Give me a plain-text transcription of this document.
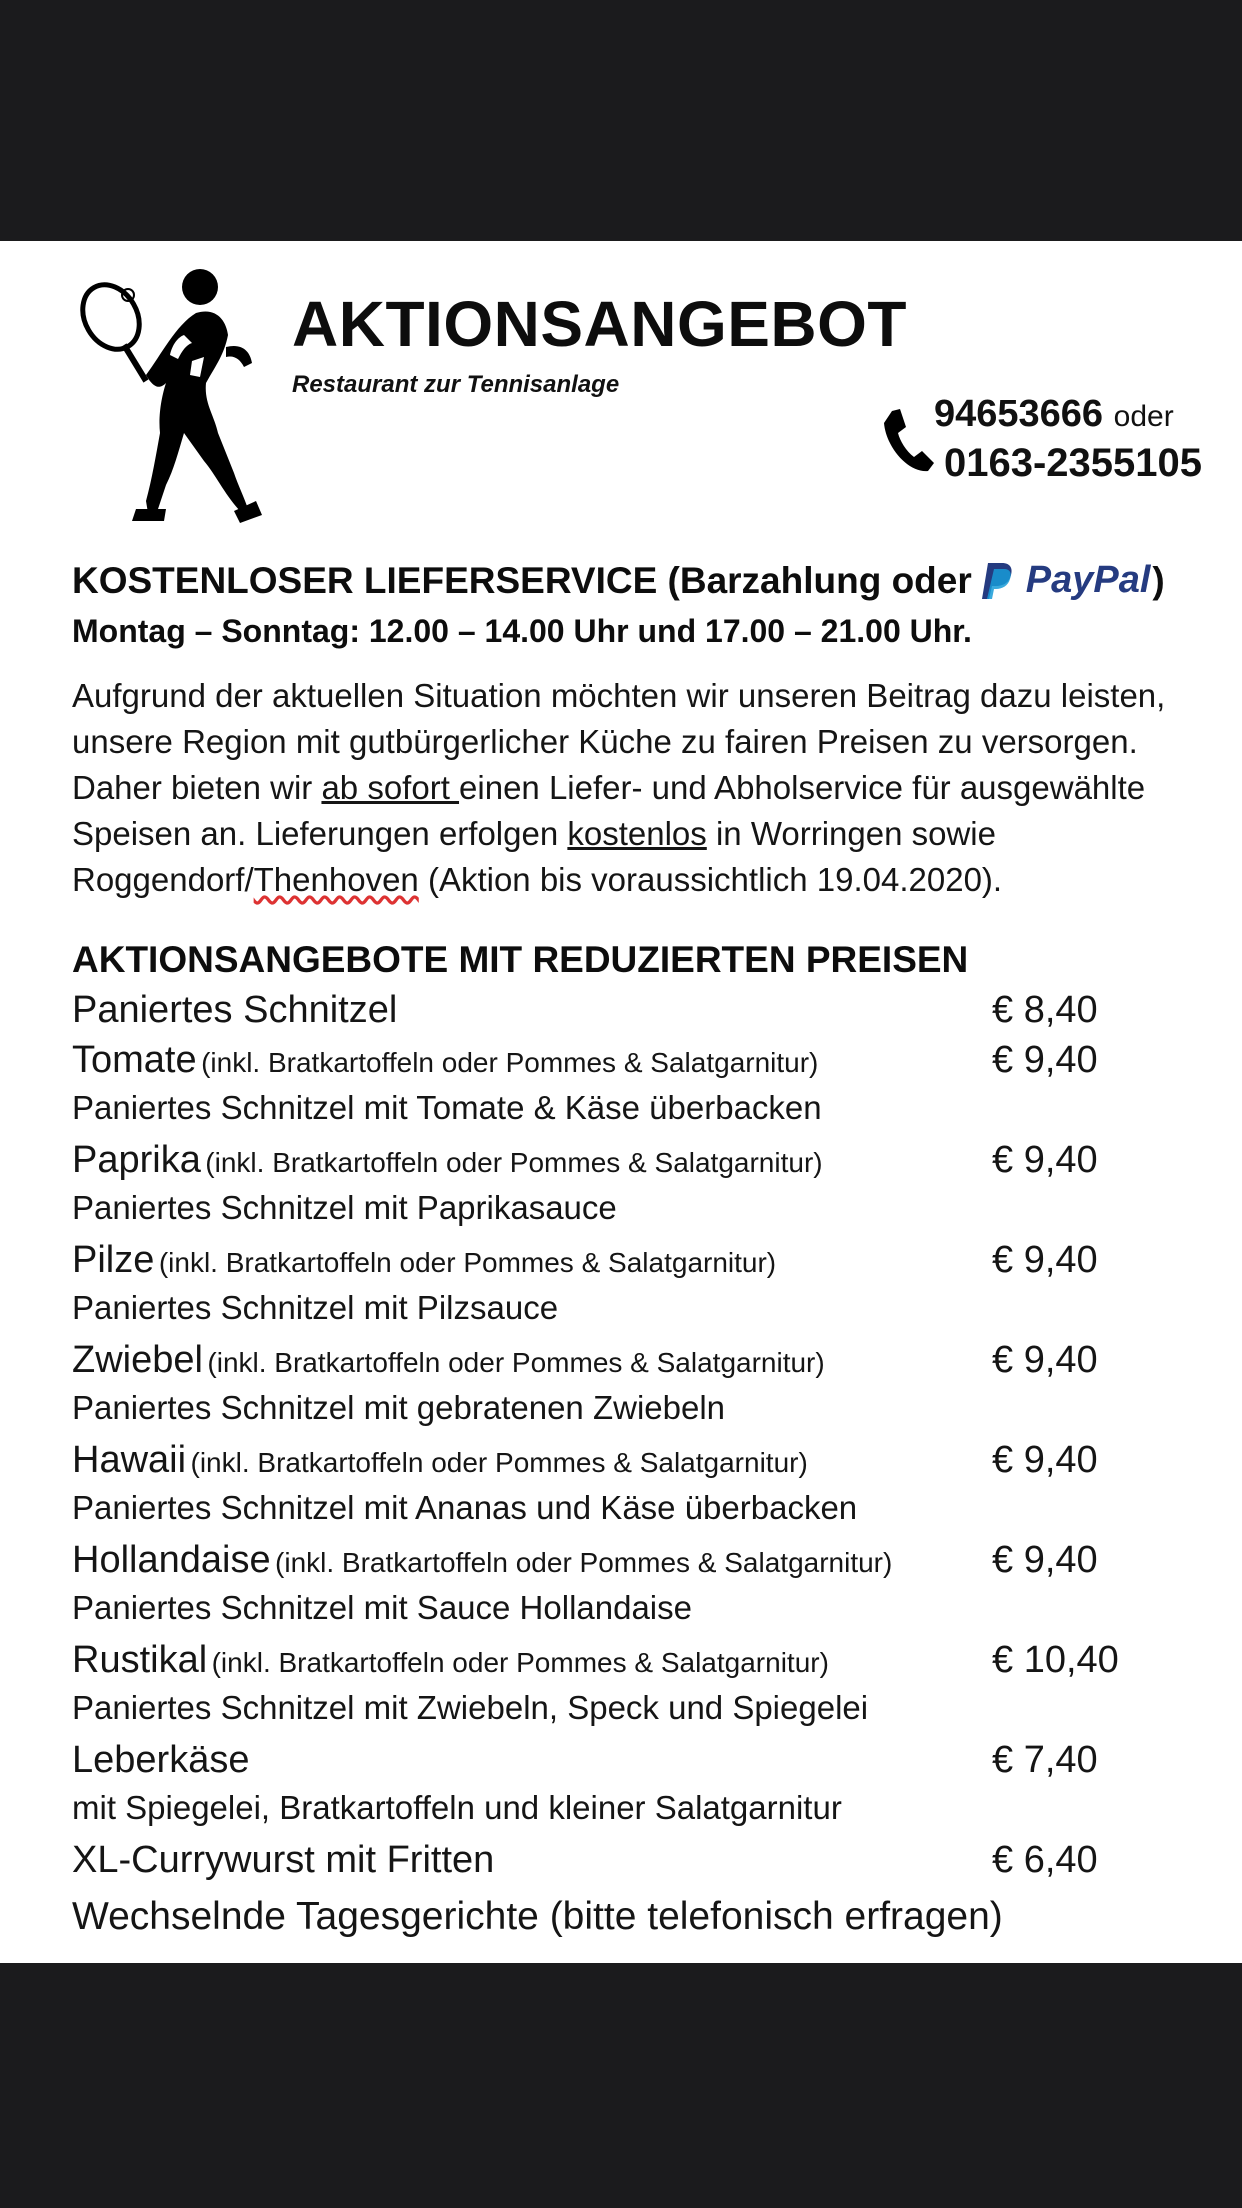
AKTIONSANGEBOT
Restaurant zur Tennisanlage
94653666 oder
0163-2355105
KOSTENLOSER LIEFERSERVICE (Barzahlung oder PayPal )
Montag – Sonntag: 12.00 – 14.00 Uhr und 17.00 – 21.00 Uhr.
Aufgrund der aktuellen Situation möchten wir unseren Beitrag dazu leisten, unsere Region mit gutbürgerlicher Küche zu fairen Preisen zu versorgen. Daher bieten wir ab sofort einen Liefer- und Abholservice für ausgewählte Speisen an. Lieferungen erfolgen kostenlos in Worringen sowie Roggendorf/Thenhoven (Aktion bis voraussichtlich 19.04.2020).
AKTIONSANGEBOTE MIT REDUZIERTEN PREISEN
Paniertes Schnitzel	€ 8,40
Tomate (inkl. Bratkartoffeln oder Pommes & Salatgarnitur)	€ 9,40
Paniertes Schnitzel mit Tomate & Käse überbacken
Paprika (inkl. Bratkartoffeln oder Pommes & Salatgarnitur)	€ 9,40
Paniertes Schnitzel mit Paprikasauce
Pilze (inkl. Bratkartoffeln oder Pommes & Salatgarnitur)	€ 9,40
Paniertes Schnitzel mit Pilzsauce
Zwiebel (inkl. Bratkartoffeln oder Pommes & Salatgarnitur)	€ 9,40
Paniertes Schnitzel mit gebratenen Zwiebeln
Hawaii (inkl. Bratkartoffeln oder Pommes & Salatgarnitur)	€ 9,40
Paniertes Schnitzel mit Ananas und Käse überbacken
Hollandaise (inkl. Bratkartoffeln oder Pommes & Salatgarnitur)	€ 9,40
Paniertes Schnitzel mit Sauce Hollandaise
Rustikal (inkl. Bratkartoffeln oder Pommes & Salatgarnitur)	€ 10,40
Paniertes Schnitzel mit Zwiebeln, Speck und Spiegelei
Leberkäse	€ 7,40
mit Spiegelei, Bratkartoffeln und kleiner Salatgarnitur
XL-Currywurst mit Fritten	€ 6,40
Wechselnde Tagesgerichte (bitte telefonisch erfragen)
